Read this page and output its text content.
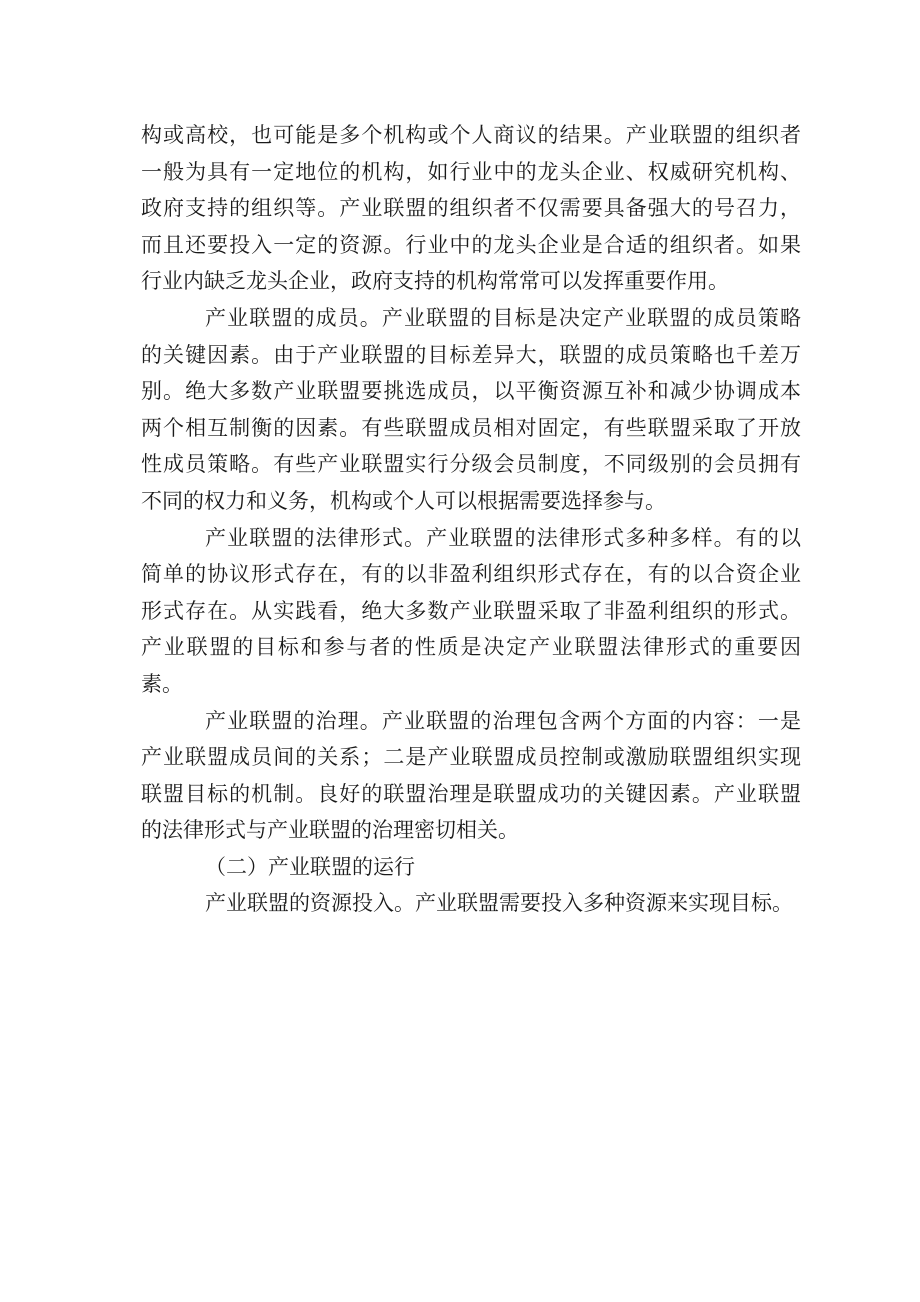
构或高校，也可能是多个机构或个人商议的结果。产业联盟的组织者
一般为具有一定地位的机构，如行业中的龙头企业、权威研究机构、
政府支持的组织等。产业联盟的组织者不仅需要具备强大的号召力，
而且还要投入一定的资源。行业中的龙头企业是合适的组织者。如果
行业内缺乏龙头企业，政府支持的机构常常可以发挥重要作用。
产业联盟的成员。产业联盟的目标是决定产业联盟的成员策略
的关键因素。由于产业联盟的目标差异大，联盟的成员策略也千差万
别。绝大多数产业联盟要挑选成员，以平衡资源互补和减少协调成本
两个相互制衡的因素。有些联盟成员相对固定，有些联盟采取了开放
性成员策略。有些产业联盟实行分级会员制度，不同级别的会员拥有
不同的权力和义务，机构或个人可以根据需要选择参与。
产业联盟的法律形式。产业联盟的法律形式多种多样。有的以
简单的协议形式存在，有的以非盈利组织形式存在，有的以合资企业
形式存在。从实践看，绝大多数产业联盟采取了非盈利组织的形式。
产业联盟的目标和参与者的性质是决定产业联盟法律形式的重要因
素。
产业联盟的治理。产业联盟的治理包含两个方面的内容：一是
产业联盟成员间的关系；二是产业联盟成员控制或激励联盟组织实现
联盟目标的机制。良好的联盟治理是联盟成功的关键因素。产业联盟
的法律形式与产业联盟的治理密切相关。
（二）产业联盟的运行
产业联盟的资源投入。产业联盟需要投入多种资源来实现目标。
